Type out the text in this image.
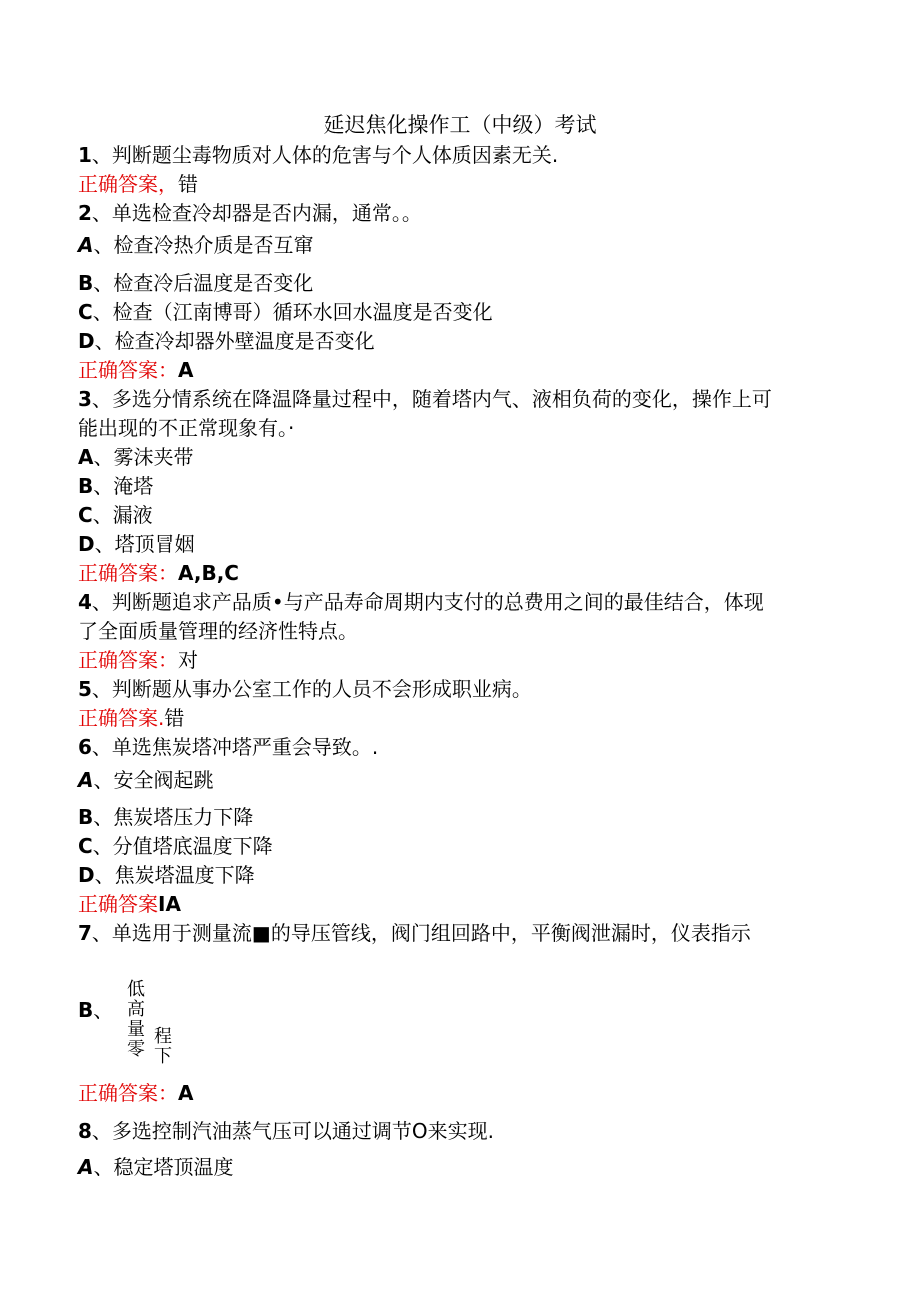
延迟焦化操作工（中级）考试
1、判断题尘毒物质对人体的危害与个人体质因素无关.
正确答案，错
2、单选检查冷却器是否内漏，通常。。
A、检查冷热介质是否互窜
B、检查冷后温度是否变化
C、检查（江南博哥）循环水回水温度是否变化
D、检查冷却器外壁温度是否变化
正确答案：A
3、多选分情系统在降温降量过程中，随着塔内气、液相负荷的变化，操作上可
能出现的不正常现象有。·
A、雾沫夹带
B、淹塔
C、漏液
D、塔顶冒姻
正确答案：A,B,C
4、判断题追求产品质•与产品寿命周期内支付的总费用之间的最佳结合，体现
了全面质量管理的经济性特点。
正确答案：对
5、判断题从事办公室工作的人员不会形成职业病。
正确答案.错
6、单选焦炭塔冲塔严重会导致。.
A、安全阀起跳
B、焦炭塔压力下降
C、分值塔底温度下降
D、焦炭塔温度下降
正确答案IA
7、单选用于测量流■的导压管线，阀门组回路中，平衡阀泄漏时，仪表指示
B、
低
高
量
零
程
下
正确答案：A
8、多选控制汽油蒸气压可以通过调节O来实现.
A、稳定塔顶温度
